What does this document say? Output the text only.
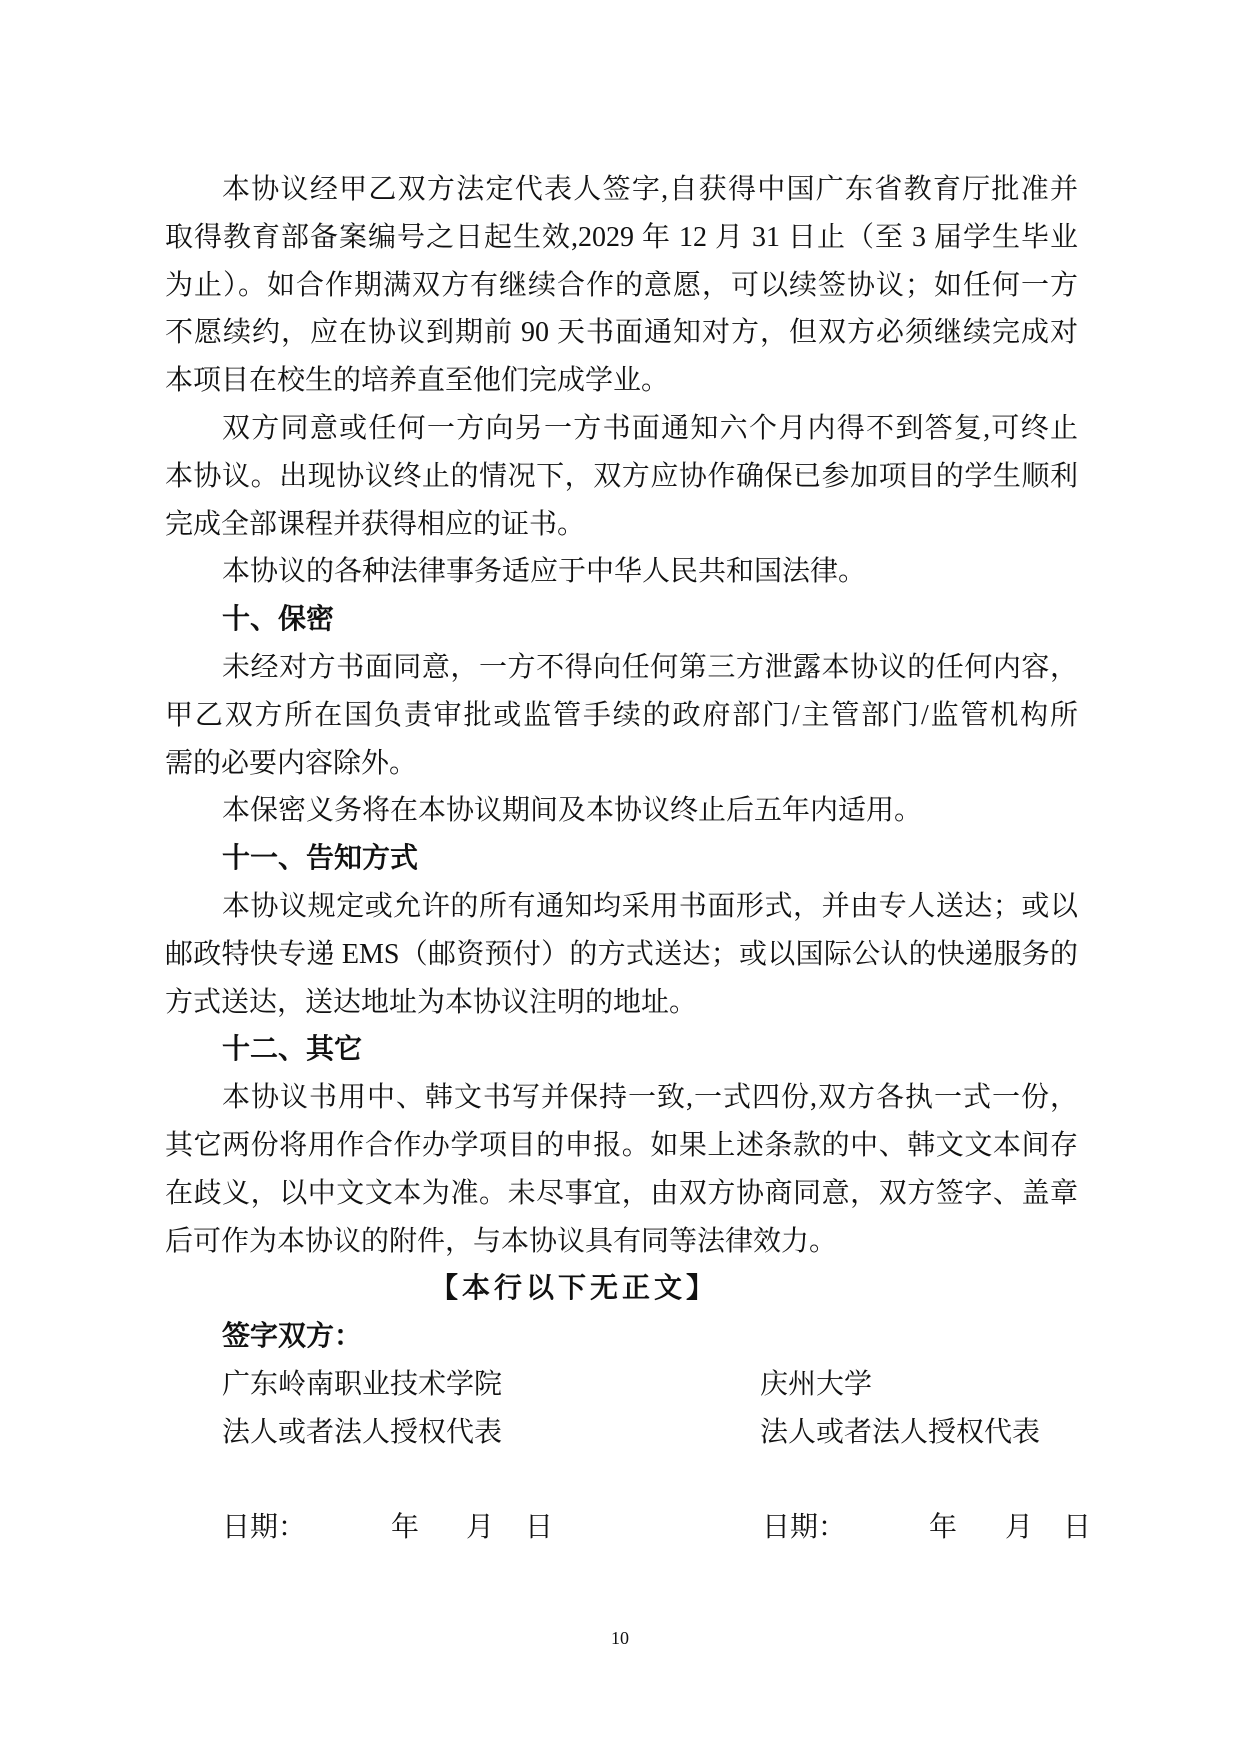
本协议经甲乙双方法定代表人签字,自获得中国广东省教育厅批准并
取得教育部备案编号之日起生效,2029 年 12 月 31 日止（至 3 届学生毕业
为止）。如合作期满双方有继续合作的意愿，可以续签协议；如任何一方
不愿续约，应在协议到期前 90 天书面通知对方，但双方必须继续完成对
本项目在校生的培养直至他们完成学业。
双方同意或任何一方向另一方书面通知六个月内得不到答复,可终止
本协议。出现协议终止的情况下，双方应协作确保已参加项目的学生顺利
完成全部课程并获得相应的证书。
本协议的各种法律事务适应于中华人民共和国法律。
十、保密
未经对方书面同意，一方不得向任何第三方泄露本协议的任何内容，
甲乙双方所在国负责审批或监管手续的政府部门/主管部门/监管机构所
需的必要内容除外。
本保密义务将在本协议期间及本协议终止后五年内适用。
十一、告知方式
本协议规定或允许的所有通知均采用书面形式，并由专人送达；或以
邮政特快专递 EMS（邮资预付）的方式送达；或以国际公认的快递服务的
方式送达，送达地址为本协议注明的地址。
十二、其它
本协议书用中、韩文书写并保持一致,一式四份,双方各执一式一份，
其它两份将用作合作办学项目的申报。如果上述条款的中、韩文文本间存
在歧义，以中文文本为准。未尽事宜，由双方协商同意，双方签字、盖章
后可作为本协议的附件，与本协议具有同等法律效力。
【本行以下无正文】
签字双方：
广东岭南职业技术学院	庆州大学
法人或者法人授权代表	法人或者法人授权代表
日期：	年 月 日	日期：	年 月 日
10
